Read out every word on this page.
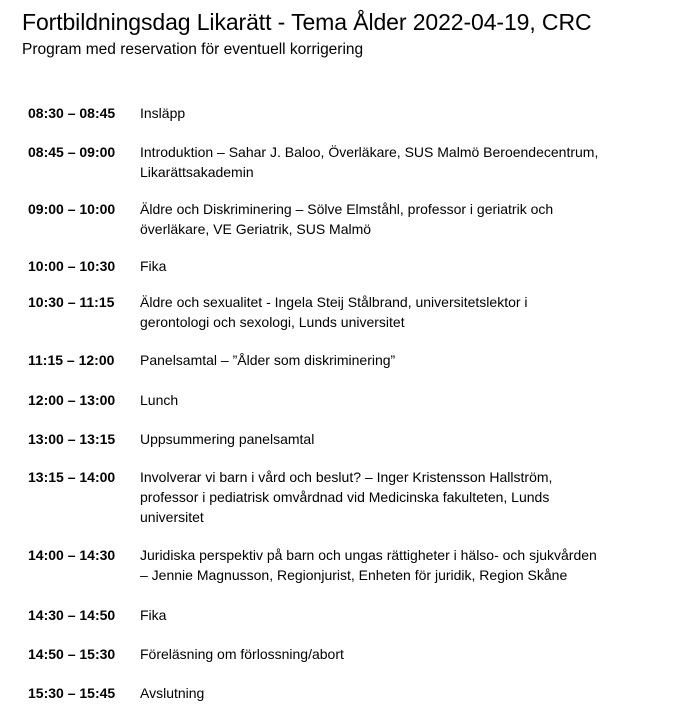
Fortbildningsdag Likarätt - Tema Ålder 2022-04-19, CRC
Program med reservation för eventuell korrigering
08:30 – 08:45 Insläpp
08:45 – 09:00 Introduktion – Sahar J. Baloo, Överläkare, SUS Malmö Beroendecentrum,
Likarättsakademin
09:00 – 10:00 Äldre och Diskriminering – Sölve Elmståhl, professor i geriatrik och
överläkare, VE Geriatrik, SUS Malmö
10:00 – 10:30 Fika
10:30 – 11:15 Äldre och sexualitet - Ingela Steij Stålbrand, universitetslektor i
gerontologi och sexologi, Lunds universitet
11:15 – 12:00 Panelsamtal – ”Ålder som diskriminering”
12:00 – 13:00 Lunch
13:00 – 13:15 Uppsummering panelsamtal
13:15 – 14:00 Involverar vi barn i vård och beslut? – Inger Kristensson Hallström,
professor i pediatrisk omvårdnad vid Medicinska fakulteten, Lunds
universitet
14:00 – 14:30 Juridiska perspektiv på barn och ungas rättigheter i hälso- och sjukvården
– Jennie Magnusson, Regionjurist, Enheten för juridik, Region Skåne
14:30 – 14:50 Fika
14:50 – 15:30 Föreläsning om förlossning/abort
15:30 – 15:45 Avslutning
